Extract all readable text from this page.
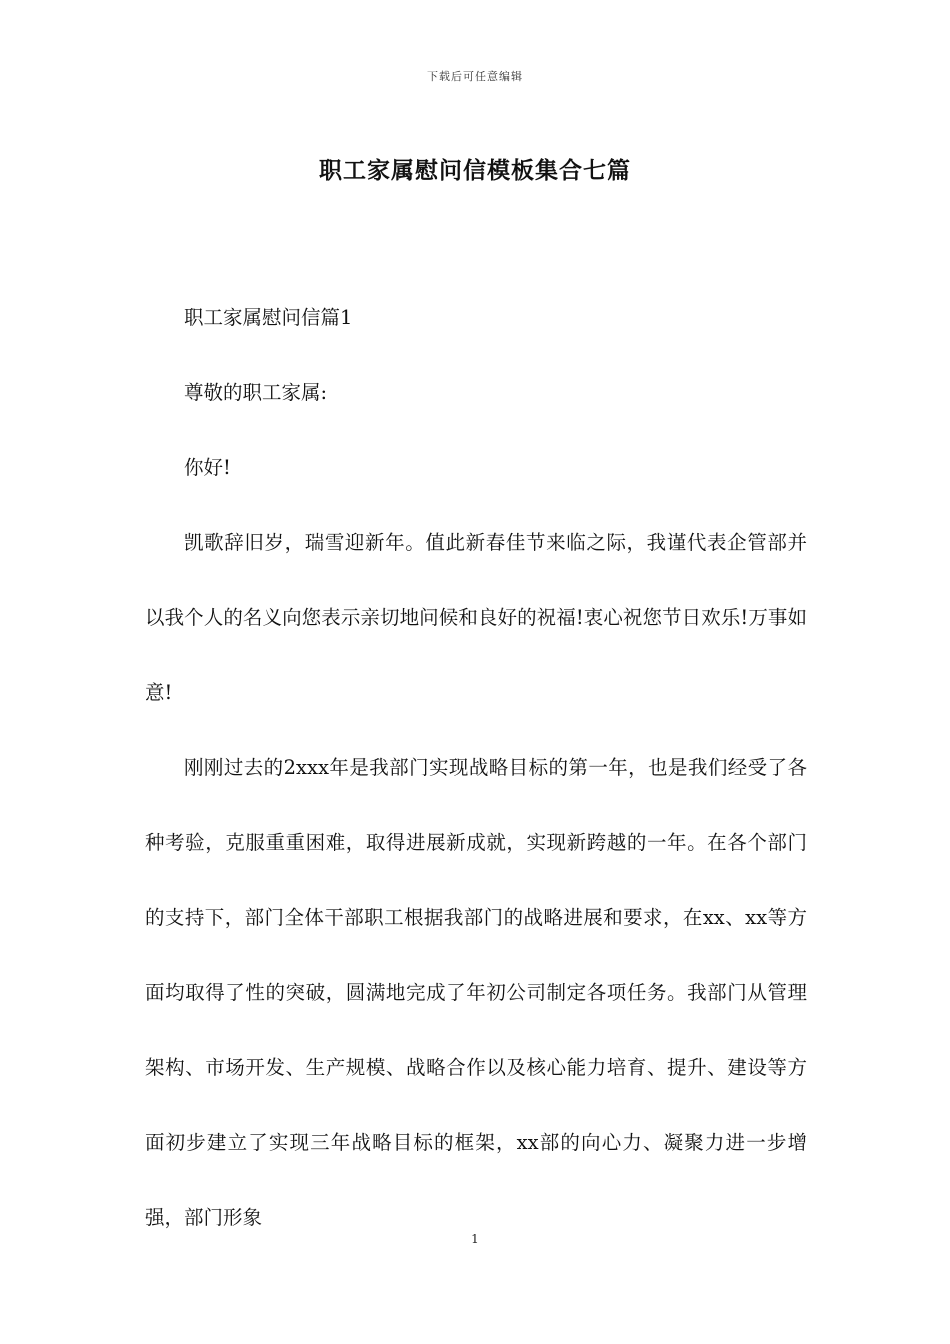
下载后可任意编辑
职工家属慰问信模板集合七篇

职工家属慰问信篇1

尊敬的职工家属:

你好!

凯歌辞旧岁，瑞雪迎新年。值此新春佳节来临之际，我谨代表企管部并以我个人的名义向您表示亲切地问候和良好的祝福!衷心祝您节日欢乐!万事如意!

刚刚过去的2xxx年是我部门实现战略目标的第一年，也是我们经受了各种考验，克服重重困难，取得进展新成就，实现新跨越的一年。在各个部门的支持下，部门全体干部职工根据我部门的战略进展和要求，在xx、xx等方面均取得了性的突破，圆满地完成了年初公司制定各项任务。我部门从管理架构、市场开发、生产规模、战略合作以及核心能力培育、提升、建设等方面初步建立了实现三年战略目标的框架，xx部的向心力、凝聚力进一步增强，部门形象

1
